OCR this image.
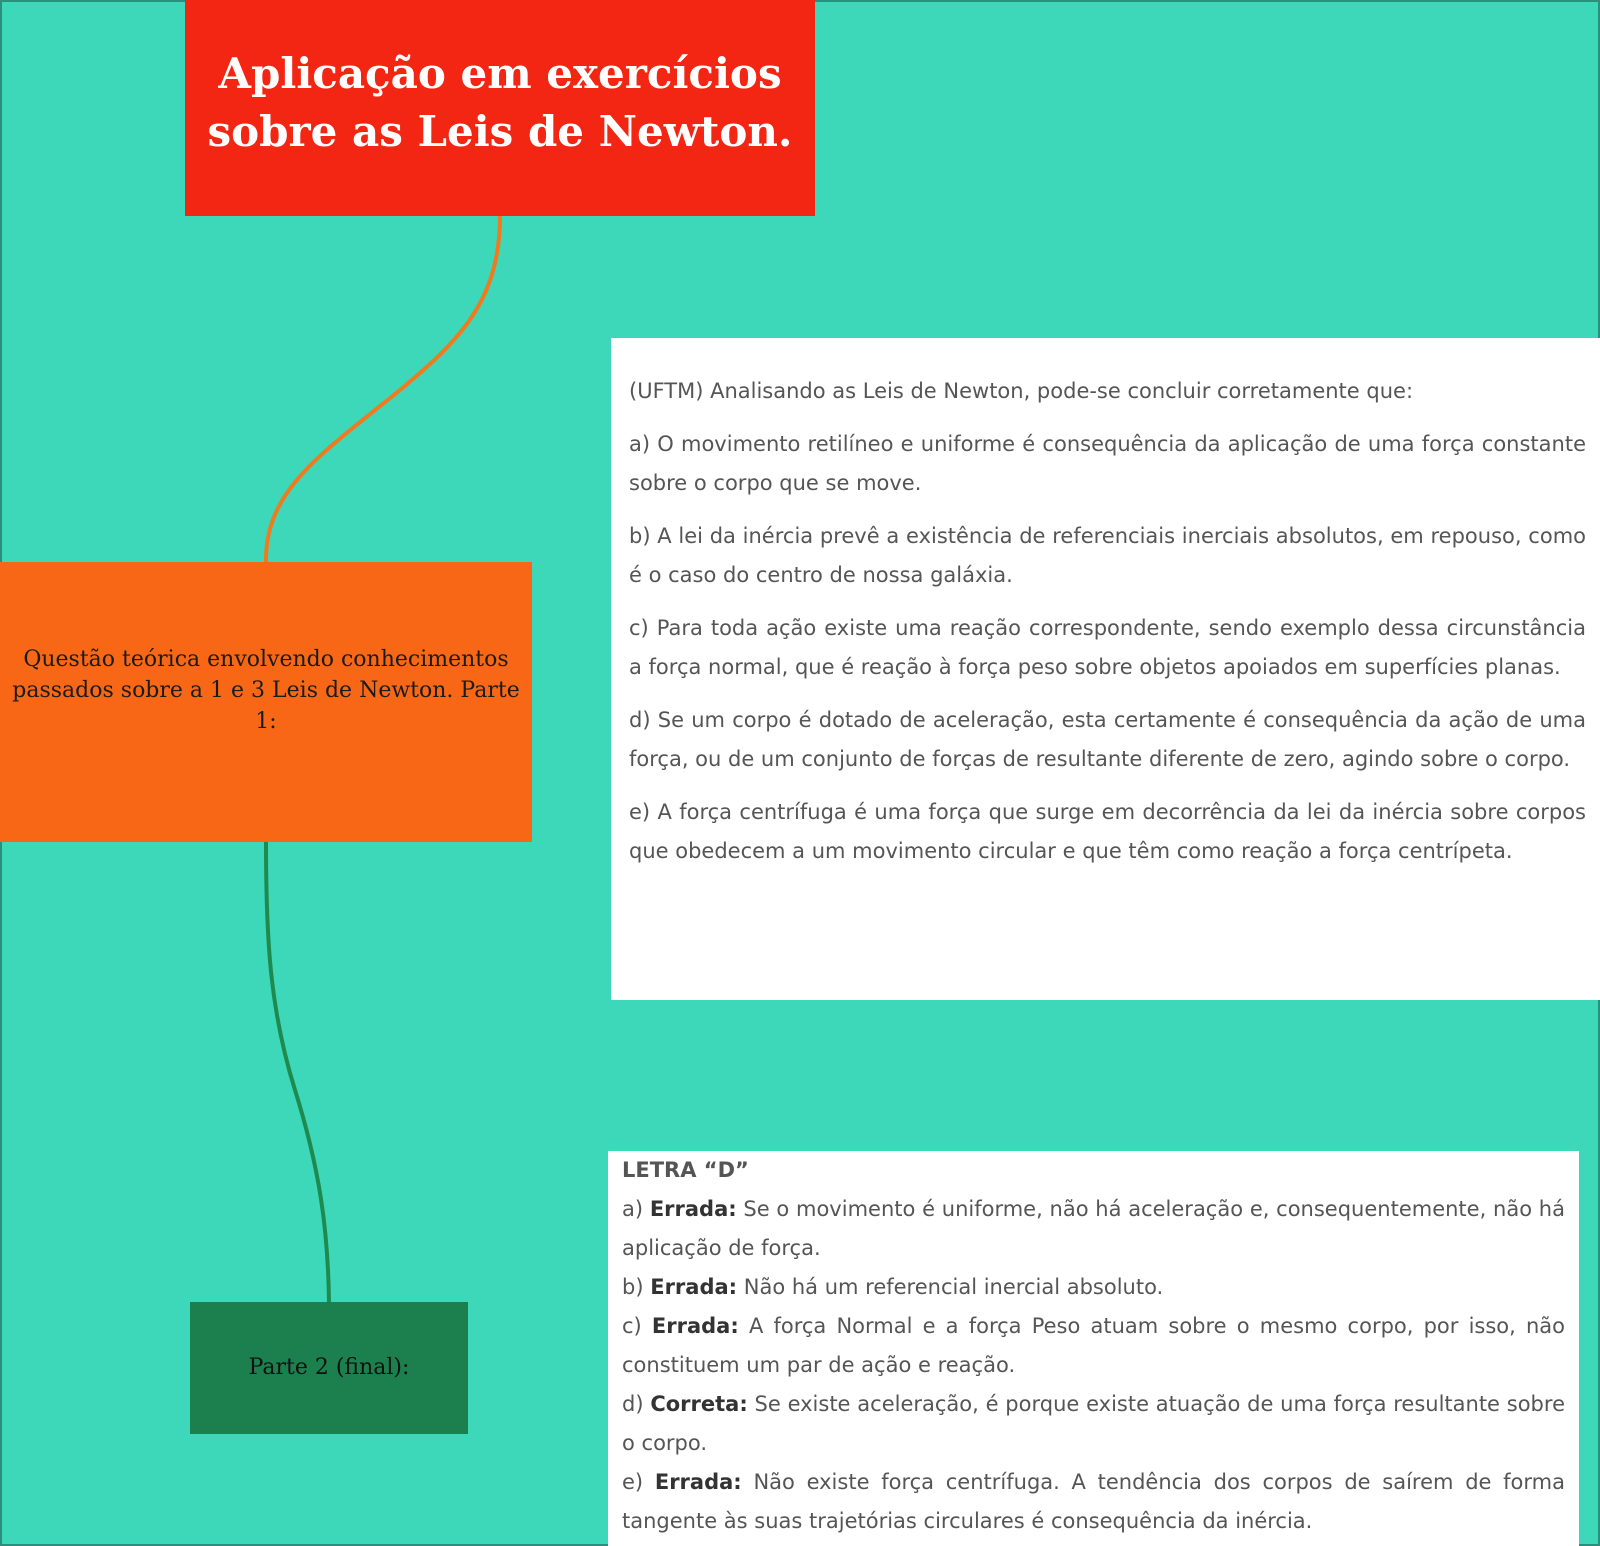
Aplicação em exercícios sobre as Leis de Newton.
Questão teórica envolvendo conhecimentos passados sobre a 1 e 3 Leis de Newton. Parte 1:
Parte 2 (final):

(UFTM) Analisando as Leis de Newton, pode-se concluir corretamente que:

a) O movimento retilíneo e uniforme é consequência da aplicação de uma força constante sobre o corpo que se move.

b) A lei da inércia prevê a existência de referenciais inerciais absolutos, em repouso, como é o caso do centro de nossa galáxia.

c) Para toda ação existe uma reação correspondente, sendo exemplo dessa circunstância a força normal, que é reação à força peso sobre objetos apoiados em superfícies planas.

d) Se um corpo é dotado de aceleração, esta certamente é consequência da ação de uma força, ou de um conjunto de forças de resultante diferente de zero, agindo sobre o corpo.

e) A força centrífuga é uma força que surge em decorrência da lei da inércia sobre corpos que obedecem a um movimento circular e que têm como reação a força centrípeta.

LETRA “D”

a) Errada: Se o movimento é uniforme, não há aceleração e, consequentemente, não há aplicação de força.

b) Errada: Não há um referencial inercial absoluto.

c) Errada: A força Normal e a força Peso atuam sobre o mesmo corpo, por isso, não constituem um par de ação e reação.

d) Correta: Se existe aceleração, é porque existe atuação de uma força resultante sobre o corpo.

e) Errada: Não existe força centrífuga. A tendência dos corpos de saírem de forma tangente às suas trajetórias circulares é consequência da inércia.
